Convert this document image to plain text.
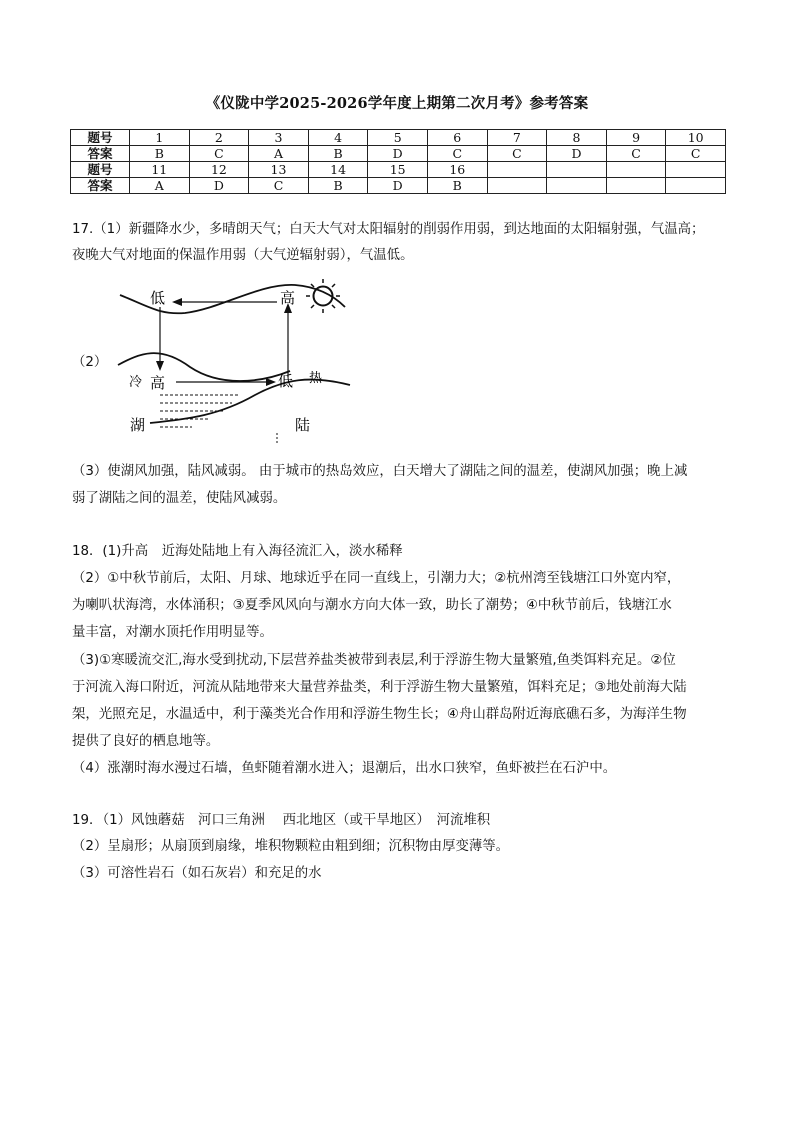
《仪陇中学2025-2026学年度上期第二次月考》参考答案
题号	1	2	3	4	5	6	7	8	9	10
答案	B	C	A	B	D	C	C	D	C	C
题号	11	12	13	14	15	16				
答案	A	D	C	B	D	B				
17.（1）新疆降水少，多晴朗天气；白天大气对太阳辐射的削弱作用弱，到达地面的太阳辐射强，气温高；
夜晚大气对地面的保温作用弱（大气逆辐射弱），气温低。
（2）
低	高
冷 高	低 热
湖	陆
（3）使湖风加强，陆风减弱。 由于城市的热岛效应，白天增大了湖陆之间的温差，使湖风加强；晚上减
弱了湖陆之间的温差，使陆风减弱。
18．(1)升高　近海处陆地上有入海径流汇入，淡水稀释
（2）①中秋节前后，太阳、月球、地球近乎在同一直线上，引潮力大；②杭州湾至钱塘江口外宽内窄，
为喇叭状海湾，水体涌积；③夏季风风向与潮水方向大体一致，助长了潮势；④中秋节前后，钱塘江水
量丰富，对潮水顶托作用明显等。
（3)①寒暖流交汇,海水受到扰动,下层营养盐类被带到表层,利于浮游生物大量繁殖,鱼类饵料充足。②位
于河流入海口附近，河流从陆地带来大量营养盐类，利于浮游生物大量繁殖，饵料充足；③地处前海大陆
架，光照充足，水温适中，利于藻类光合作用和浮游生物生长；④舟山群岛附近海底礁石多，为海洋生物
提供了良好的栖息地等。
（4）涨潮时海水漫过石墙，鱼虾随着潮水进入；退潮后，出水口狭窄，鱼虾被拦在石沪中。
19．（1）风蚀蘑菇　河口三角洲　 西北地区（或干旱地区）　河流堆积
（2）呈扇形；从扇顶到扇缘，堆积物颗粒由粗到细；沉积物由厚变薄等。
（3）可溶性岩石（如石灰岩）和充足的水
